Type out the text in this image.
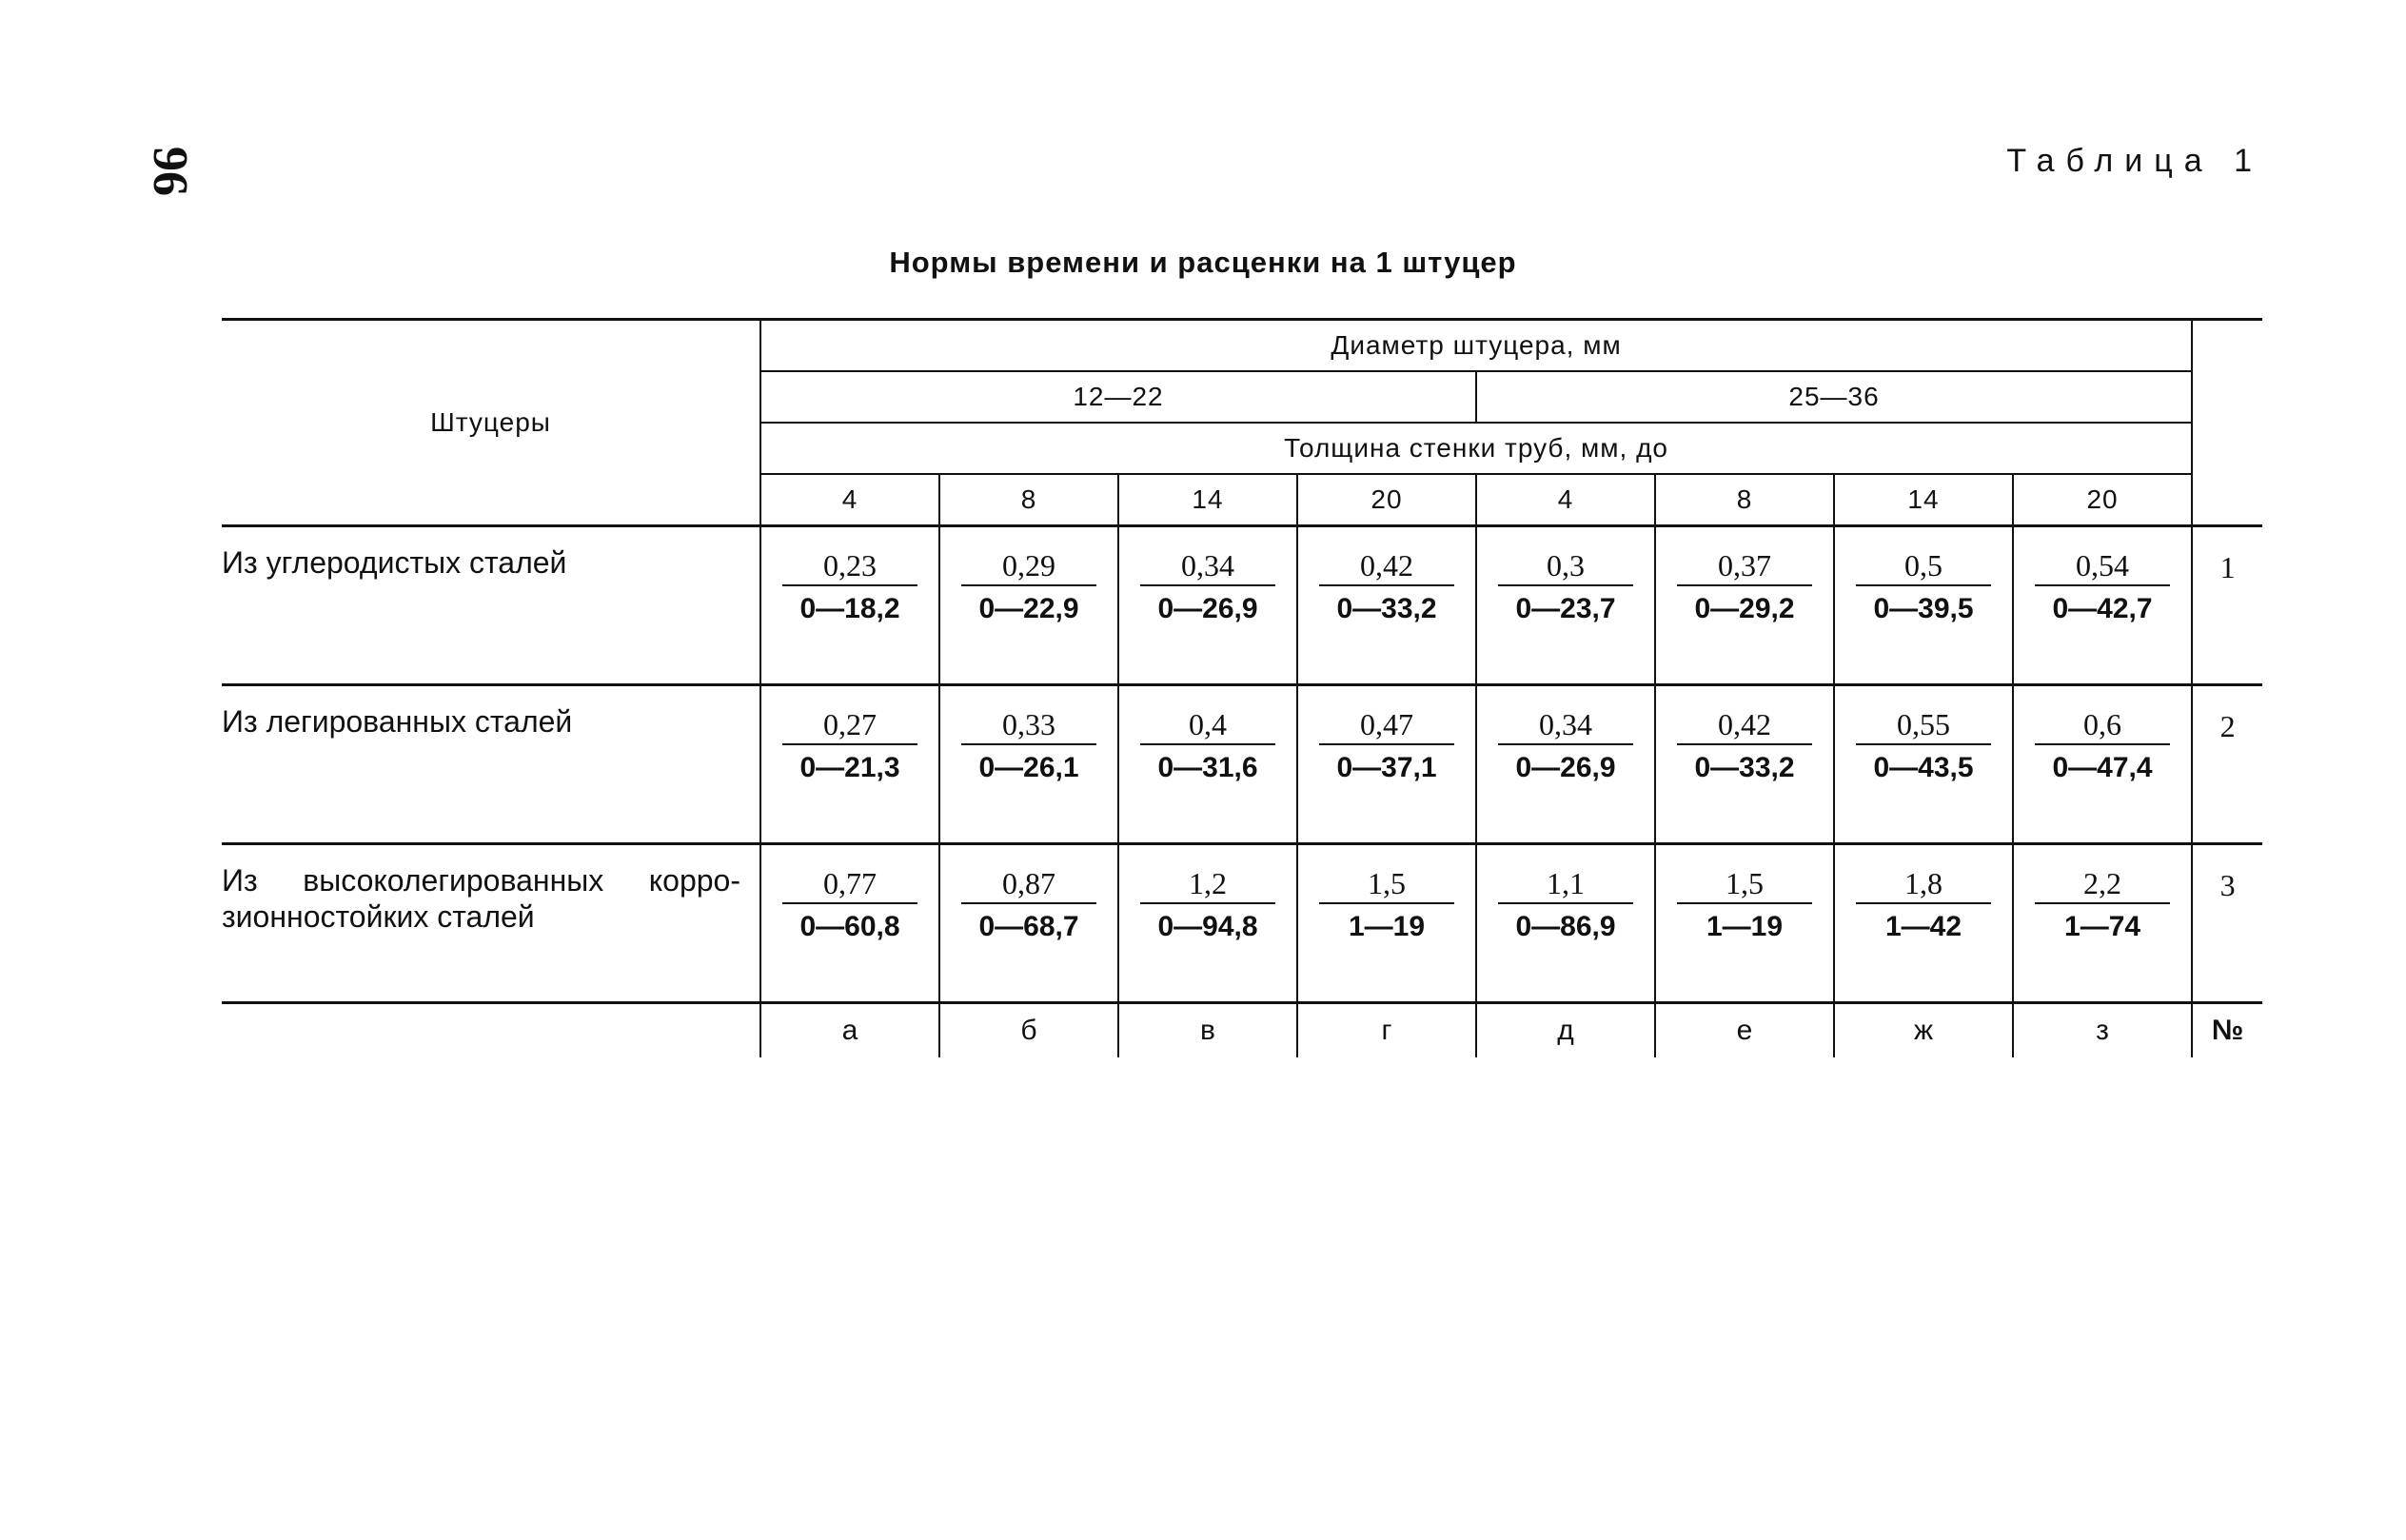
96	Таблица 1
Нормы времени и расценки на 1 штуцер
Штуцеры	Диаметр штуцера, мм								
	12—22				25—36				
	Толщина стенки труб, мм, до								
	4	8	14	20	4	8	14	20	
Из углеродистых сталей	$\frac{0,23}{0—18,2}$	$\frac{0,29}{0—22,9}$	$\frac{0,34}{0—26,9}$	$\frac{0,42}{0—33,2}$	$\frac{0,3}{0—23,7}$	$\frac{0,37}{0—29,2}$	$\frac{0,5}{0—39,5}$	$\frac{0,54}{0—42,7}$	1
Из легированных сталей	$\frac{0,27}{0—21,3}$	$\frac{0,33}{0—26,1}$	$\frac{0,4}{0—31,6}$	$\frac{0,47}{0—37,1}$	$\frac{0,34}{0—26,9}$	$\frac{0,42}{0—33,2}$	$\frac{0,55}{0—43,5}$	$\frac{0,6}{0—47,4}$	2
Из высоколегированных корро-зионностойких сталей	$\frac{0,77}{0—60,8}$	$\frac{0,87}{0—68,7}$	$\frac{1,2}{0—94,8}$	$\frac{1,5}{1—19}$	$\frac{1,1}{0—86,9}$	$\frac{1,5}{1—19}$	$\frac{1,8}{1—42}$	$\frac{2,2}{1—74}$	3
	а	б	в	г	д	е	ж	з	№
